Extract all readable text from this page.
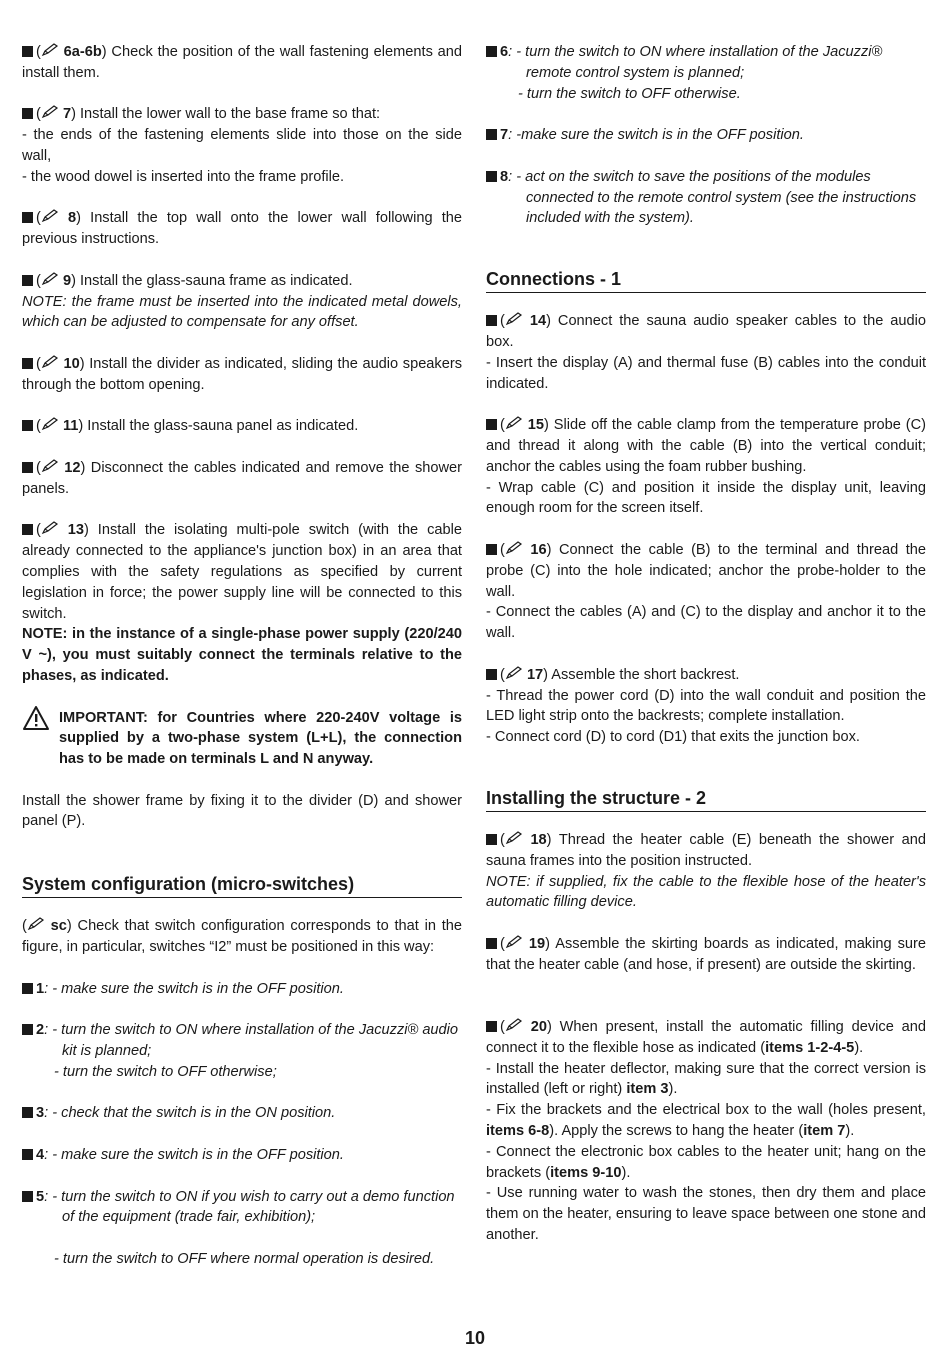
( 6a-6b) Check the position of the wall fastening elements and install them.

( 7) Install the lower wall to the base frame so that:

- the ends of the fastening elements slide into those on the side wall,

- the wood dowel is inserted into the frame profile.

( 8) Install the top wall onto the lower wall following the previous instructions.

( 9) Install the glass-sauna frame as indicated.

NOTE: the frame must be inserted into the indicated metal dowels, which can be adjusted to compensate for any offset.

( 10) Install the divider as indicated, sliding the audio speakers through the bottom opening.

( 11) Install the glass-sauna panel as indicated.

( 12) Disconnect the cables indicated and remove the shower panels.

( 13) Install the isolating multi-pole switch (with the cable already connected to the appliance's junction box) in an area that complies with the safety regulations as specified by current legislation in force; the power supply line will be connected to this switch.

NOTE: in the instance of a single-phase power supply (220/240 V ~), you must suitably connect the terminals relative to the phases, as indicated.

IMPORTANT: for Countries where 220-240V voltage is supplied by a two-phase system (L+L), the connection has to be made on terminals L and N anyway.

Install the shower frame by fixing it to the divider (D) and shower panel (P).

System configuration (micro-switches)

( sc) Check that switch configuration corresponds to that in the figure, in particular, switches “I2” must be positioned in this way:

1: - make sure the switch is in the OFF position.

2: - turn the switch to ON where installation of the Jacuzzi® audio
kit is planned;
- turn the switch to OFF otherwise;

3: - check that the switch is in the ON position.

4: - make sure the switch is in the OFF position.

5: - turn the switch to ON if you wish to carry out a demo function
of the equipment (trade fair, exhibition);
- turn the switch to OFF where normal operation is desired.

6: - turn the switch to ON where installation of the Jacuzzi® remote control system is planned;

- turn the switch to OFF otherwise.

7: -make sure the switch is in the OFF position.

8: - act on the switch to save the positions of the modules connected to the remote control system (see the instructions included with the system).

Connections - 1

( 14) Connect the sauna audio speaker cables to the audio box.

- Insert the display (A) and thermal fuse (B) cables into the conduit indicated.

( 15) Slide off the cable clamp from the temperature probe (C) and thread it along with the cable (B) into the vertical conduit; anchor the cables using the foam rubber bushing.

- Wrap cable (C) and position it inside the display unit, leaving enough room for the screen itself.

( 16) Connect the cable (B) to the terminal and thread the probe (C) into the hole indicated; anchor the probe-holder to the wall.

- Connect the cables (A) and (C) to the display and anchor it to the wall.

( 17) Assemble the short backrest.

- Thread the power cord (D) into the wall conduit and position the LED light strip onto the backrests; complete installation.

- Connect cord (D) to cord (D1) that exits the junction box.

Installing the structure - 2

( 18) Thread the heater cable (E) beneath the shower and sauna frames into the position instructed.

NOTE: if supplied, fix the cable to the flexible hose of the heater's automatic filling device.

( 19) Assemble the skirting boards as indicated, making sure that the heater cable (and hose, if present) are outside the skirting.

( 20) When present, install the automatic filling device and connect it to the flexible hose as indicated (items 1-2-4-5).

- Install the heater deflector, making sure that the correct version is installed (left or right) item 3).

- Fix the brackets and the electrical box to the wall (holes present, items 6-8). Apply the screws to hang the heater (item 7).

- Connect the electronic box cables to the heater unit; hang on the brackets (items 9-10).

- Use running water to wash the stones, then dry them and place them on the heater, ensuring to leave space between one stone and another.

10
